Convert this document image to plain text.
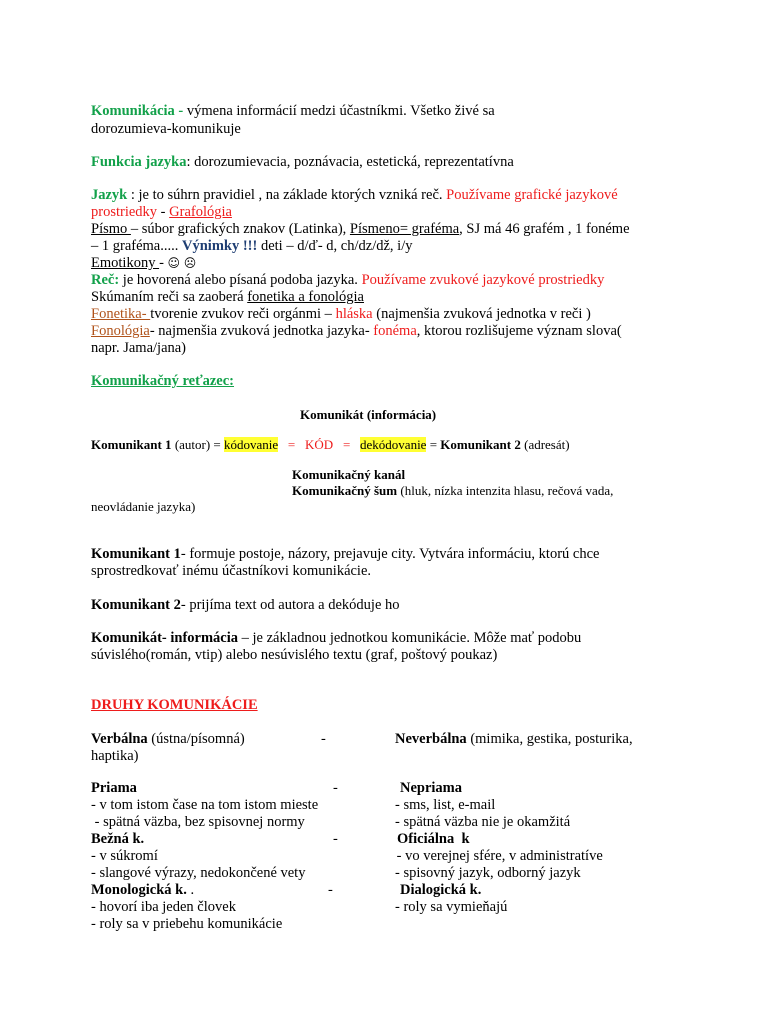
Komunikácia - výmena informácií medzi účastníkmi. Všetko živé sa
dorozumieva-komunikuje
Funkcia jazyka: dorozumievacia, poznávacia, estetická, reprezentatívna
Jazyk : je to súhrn pravidiel , na základe ktorých vzniká reč. Používame grafické jazykové
prostriedky - Grafológia
Písmo – súbor grafických znakov (Latinka), Písmeno= graféma, SJ má 46 grafém , 1 fonéme
– 1 graféma..... Výnimky !!! deti – d/ď- d, ch/dz/dž, i/y
Emotikony - ☺ ☹
Reč: je hovorená alebo písaná podoba jazyka. Používame zvukové jazykové prostriedky
Skúmaním reči sa zaoberá fonetika a fonológia
Fonetika- tvorenie zvukov reči orgánmi – hláska (najmenšia zvuková jednotka v reči )
Fonológia- najmenšia zvuková jednotka jazyka- fonéma, ktorou rozlišujeme význam slova(
napr. Jama/jana)
Komunikačný reťazec:
Komunikát (informácia)
Komunikant 1 (autor) = kódovanie   =   KÓD   =   dekódovanie = Komunikant 2 (adresát)
Komunikačný kanál
Komunikačný šum (hluk, nízka intenzita hlasu, rečová vada,
neovládanie jazyka)
Komunikant 1- formuje postoje, názory, prejavuje city. Vytvára informáciu, ktorú chce
sprostredkovať inému účastníkovi komunikácie.
Komunikant 2- prijíma text od autora a dekóduje ho
Komunikát- informácia – je základnou jednotkou komunikácie. Môže mať podobu
súvislého(román, vtip) alebo nesúvislého textu (graf, poštový poukaz)
DRUHY KOMUNIKÁCIE
Verbálna (ústna/písomná)	-	Neverbálna (mimika, gestika, posturika,
haptika)
Priama	-	Nepriama
- v tom istom čase na tom istom mieste	- sms, list, e-mail
- spätná väzba, bez spisovnej normy	- spätná väzba nie je okamžitá
Bežná k.	-	Oficiálna  k
- v súkromí	- vo verejnej sfére, v administratíve
- slangové výrazy, nedokončené vety	- spisovný jazyk, odborný jazyk
Monologická k. .	-	Dialogická k.
- hovorí iba jeden človek	- roly sa vymieňajú
- roly sa v priebehu komunikácie
